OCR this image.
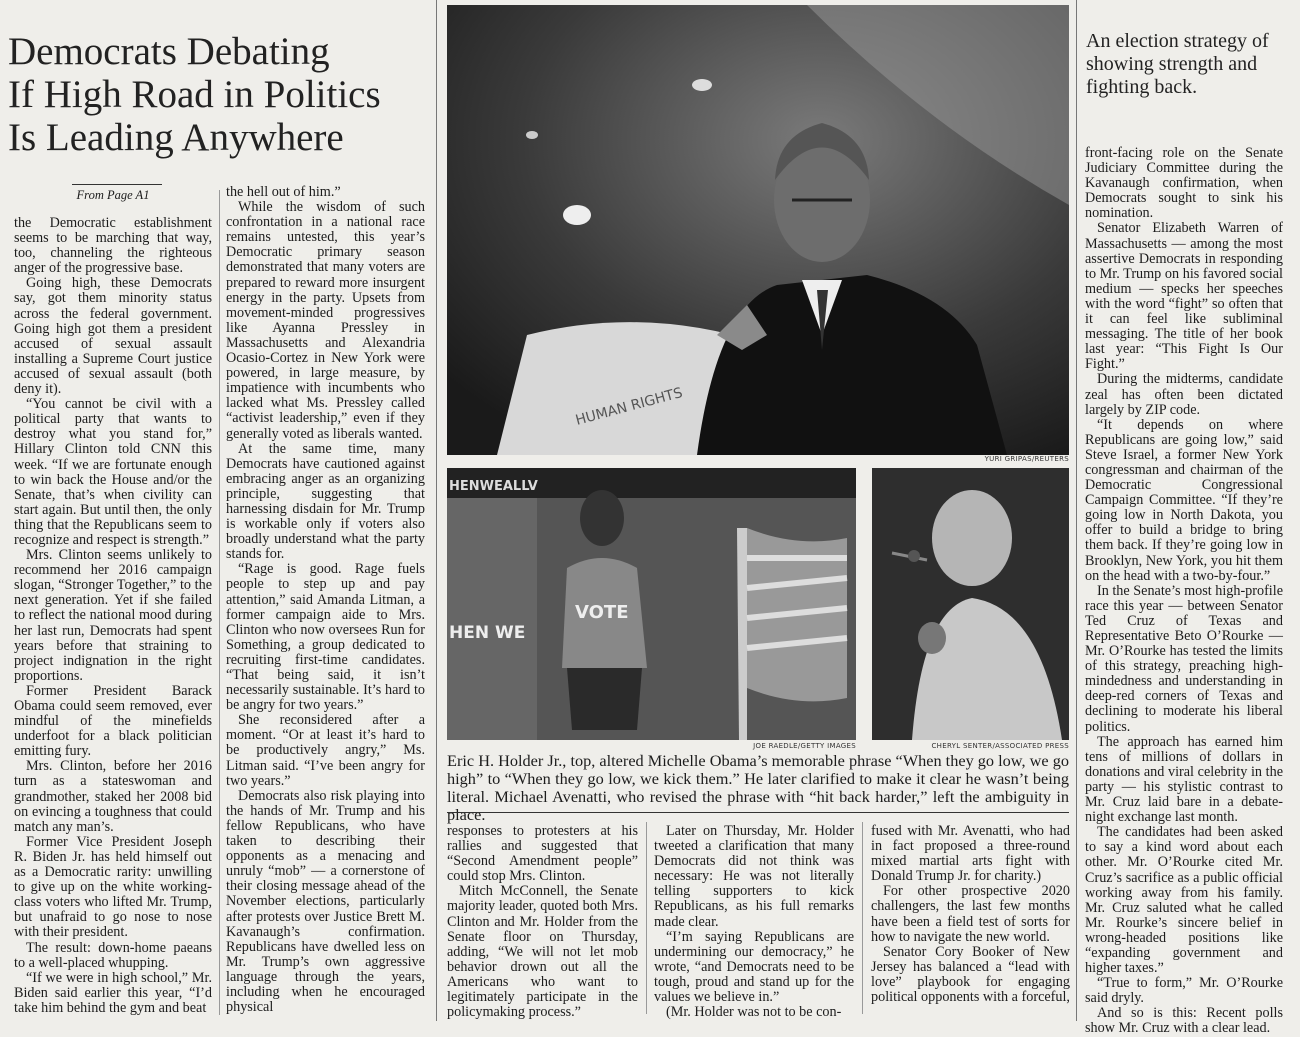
Democrats Debating
If High Road in Politics
Is Leading Anywhere
From Page A1

the Democratic establishment seems to be marching that way, too, channeling the righteous anger of the progressive base.

Going high, these Democrats say, got them minority status across the federal government. Going high got them a president accused of sexual assault installing a Supreme Court justice accused of sexual assault (both deny it).

“You cannot be civil with a political party that wants to destroy what you stand for,” Hillary Clinton told CNN this week. “If we are fortunate enough to win back the House and/or the Senate, that’s when civility can start again. But until then, the only thing that the Republicans seem to recognize and respect is strength.”

Mrs. Clinton seems unlikely to recommend her 2016 campaign slogan, “Stronger Together,” to the next generation. Yet if she failed to reflect the national mood during her last run, Democrats had spent years before that straining to project indignation in the right proportions.

Former President Barack Obama could seem removed, ever mindful of the minefields underfoot for a black politician emitting fury.

Mrs. Clinton, before her 2016 turn as a stateswoman and grandmother, staked her 2008 bid on evincing a toughness that could match any man’s.

Former Vice President Joseph R. Biden Jr. has held himself out as a Democratic rarity: unwilling to give up on the white working-class voters who lifted Mr. Trump, but unafraid to go nose to nose with their president.

The result: down-home paeans to a well-placed whupping.

“If we were in high school,” Mr. Biden said earlier this year, “I’d take him behind the gym and beat

the hell out of him.”

While the wisdom of such confrontation in a national race remains untested, this year’s Democratic primary season demonstrated that many voters are prepared to reward more insurgent energy in the party. Upsets from movement-minded progressives like Ayanna Pressley in Massachusetts and Alexandria Ocasio-Cortez in New York were powered, in large measure, by impatience with incumbents who lacked what Ms. Pressley called “activist leadership,” even if they generally voted as liberals wanted.

At the same time, many Democrats have cautioned against embracing anger as an organizing principle, suggesting that harnessing disdain for Mr. Trump is workable only if voters also broadly understand what the party stands for.

“Rage is good. Rage fuels people to step up and pay attention,” said Amanda Litman, a former campaign aide to Mrs. Clinton who now oversees Run for Something, a group dedicated to recruiting first-time candidates. “That being said, it isn’t necessarily sustainable. It’s hard to be angry for two years.”

She reconsidered after a moment. “Or at least it’s hard to be productively angry,” Ms. Litman said. “I’ve been angry for two years.”

Democrats also risk playing into the hands of Mr. Trump and his fellow Republicans, who have taken to describing their opponents as a menacing and unruly “mob” — a cornerstone of their closing message ahead of the November elections, particularly after protests over Justice Brett M. Kavanaugh’s confirmation. Republicans have dwelled less on Mr. Trump’s own aggressive language through the years, including when he encouraged physical

responses to protesters at his rallies and suggested that “Second Amendment people” could stop Mrs. Clinton.

Mitch McConnell, the Senate majority leader, quoted both Mrs. Clinton and Mr. Holder from the Senate floor on Thursday, adding, “We will not let mob behavior drown out all the Americans who want to legitimately participate in the policymaking process.”

Later on Thursday, Mr. Holder tweeted a clarification that many Democrats did not think was necessary: He was not literally telling supporters to kick Republicans, as his full remarks made clear.

“I’m saying Republicans are undermining our democracy,” he wrote, “and Democrats need to be tough, proud and stand up for the values we believe in.”

(Mr. Holder was not to be con-

fused with Mr. Avenatti, who had in fact proposed a three-round mixed martial arts fight with Donald Trump Jr. for charity.)

For other prospective 2020 challengers, the last few months have been a field test of sorts for how to navigate the new world.

Senator Cory Booker of New Jersey has balanced a “lead with love” playbook for engaging political opponents with a forceful,

front-facing role on the Senate Judiciary Committee during the Kavanaugh confirmation, when Democrats sought to sink his nomination.

Senator Elizabeth Warren of Massachusetts — among the most assertive Democrats in responding to Mr. Trump on his favored social medium — specks her speeches with the word “fight” so often that it can feel like subliminal messaging. The title of her book last year: “This Fight Is Our Fight.”

During the midterms, candidate zeal has often been dictated largely by ZIP code.

“It depends on where Republicans are going low,” said Steve Israel, a former New York congressman and chairman of the Democratic Congressional Campaign Committee. “If they’re going low in North Dakota, you offer to build a bridge to bring them back. If they’re going low in Brooklyn, New York, you hit them on the head with a two-by-four.”

In the Senate’s most high-profile race this year — between Senator Ted Cruz of Texas and Representative Beto O’Rourke — Mr. O’Rourke has tested the limits of this strategy, preaching high-mindedness and understanding in deep-red corners of Texas and declining to moderate his liberal politics.

The approach has earned him tens of millions of dollars in donations and viral celebrity in the party — his stylistic contrast to Mr. Cruz laid bare in a debate-night exchange last month.

The candidates had been asked to say a kind word about each other. Mr. O’Rourke cited Mr. Cruz’s sacrifice as a public official working away from his family. Mr. Cruz saluted what he called Mr. Rourke’s sincere belief in wrong-headed positions like “expanding government and higher taxes.”

“True to form,” Mr. O’Rourke said dryly.

And so is this: Recent polls show Mr. Cruz with a clear lead.

An election strategy of showing strength and fighting back.
HUMAN RIGHTS
YURI GRIPAS/REUTERS
HENWEALLV
HEN WE
VOTE
JOE RAEDLE/GETTY IMAGES	CHERYL SENTER/ASSOCIATED PRESS
Eric H. Holder Jr., top, altered Michelle Obama’s memorable phrase “When they go low, we go high” to “When they go low, we kick them.” He later clarified to make it clear he wasn’t being literal. Michael Avenatti, who revised the phrase with “hit back harder,” left the ambiguity in place.
